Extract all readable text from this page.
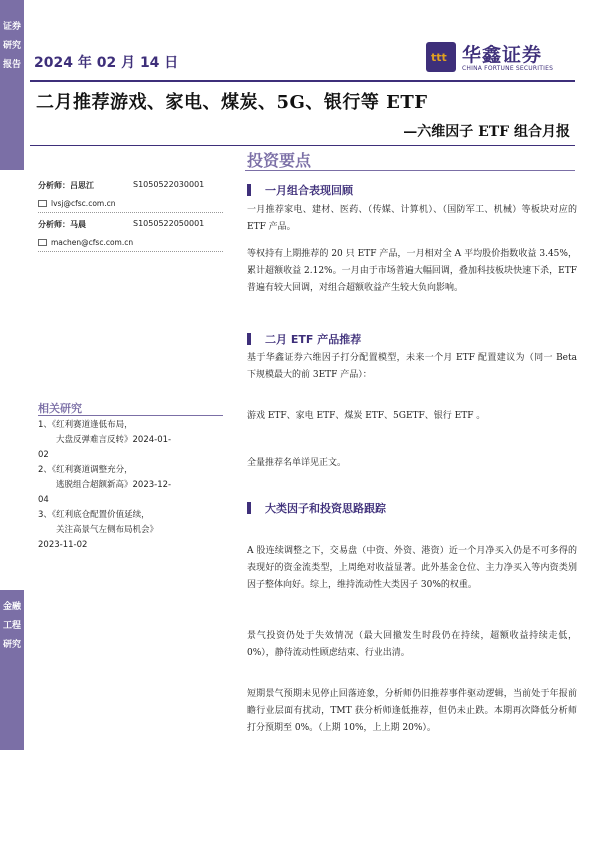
证券研究报告
金融工程研究
2024 年 02 月 14 日	ttt 华鑫证券
CHINA FORTUNE SECURITIES
二月推荐游戏、家电、煤炭、5G、银行等 ETF
—六维因子 ETF 组合月报
投资要点
分析师：吕思江	S1050522030001
lvsj@cfsc.com.cn
分析师：马晨	S1050522050001
machen@cfsc.com.cn
相关研究
1、《红利赛道逢低布局，
大盘反弹难言反转》2024-01-
02
2、《红利赛道调整充分，
逃脱组合超额新高》2023-12-
04
3、《红利底仓配置价值延续，
关注高景气左侧布局机会》
2023-11-02
一月组合表现回顾
一月推荐家电、建材、医药、（传媒、计算机）、（国防军工、机械）等板块对应的 ETF 产品。
等权持有上期推荐的 20 只 ETF 产品，一月相对全 A 平均股价指数收益 3.45%，累计超额收益 2.12%。一月由于市场普遍大幅回调，叠加科技板块快速下杀，ETF 普遍有较大回调，对组合超额收益产生较大负向影响。
二月 ETF 产品推荐
基于华鑫证券六维因子打分配置模型，未来一个月 ETF 配置建议为（同一 Beta 下规模最大的前 3ETF 产品）：
游戏 ETF、家电 ETF、煤炭 ETF、5GETF、银行 ETF 。
全量推荐名单详见正文。
大类因子和投资思路跟踪
A 股连续调整之下，交易盘（中资、外资、港资）近一个月净买入仍是不可多得的表现好的资金流类型，上周绝对收益显著。此外基金仓位、主力净买入等内资类别因子整体向好。综上，维持流动性大类因子 30%的权重。
景气投资仍处于失效情况（最大回撤发生时段仍在持续，超额收益持续走低，0%），静待流动性顾虑结束、行业出清。
短期景气预期未见停止回落迹象，分析师仍旧推荐事件驱动逻辑，当前处于年报前瞻行业层面有扰动，TMT 获分析师逢低推荐，但仍未止跌。本期再次降低分析师打分预期至 0%。（上期 10%，上上期 20%）。
